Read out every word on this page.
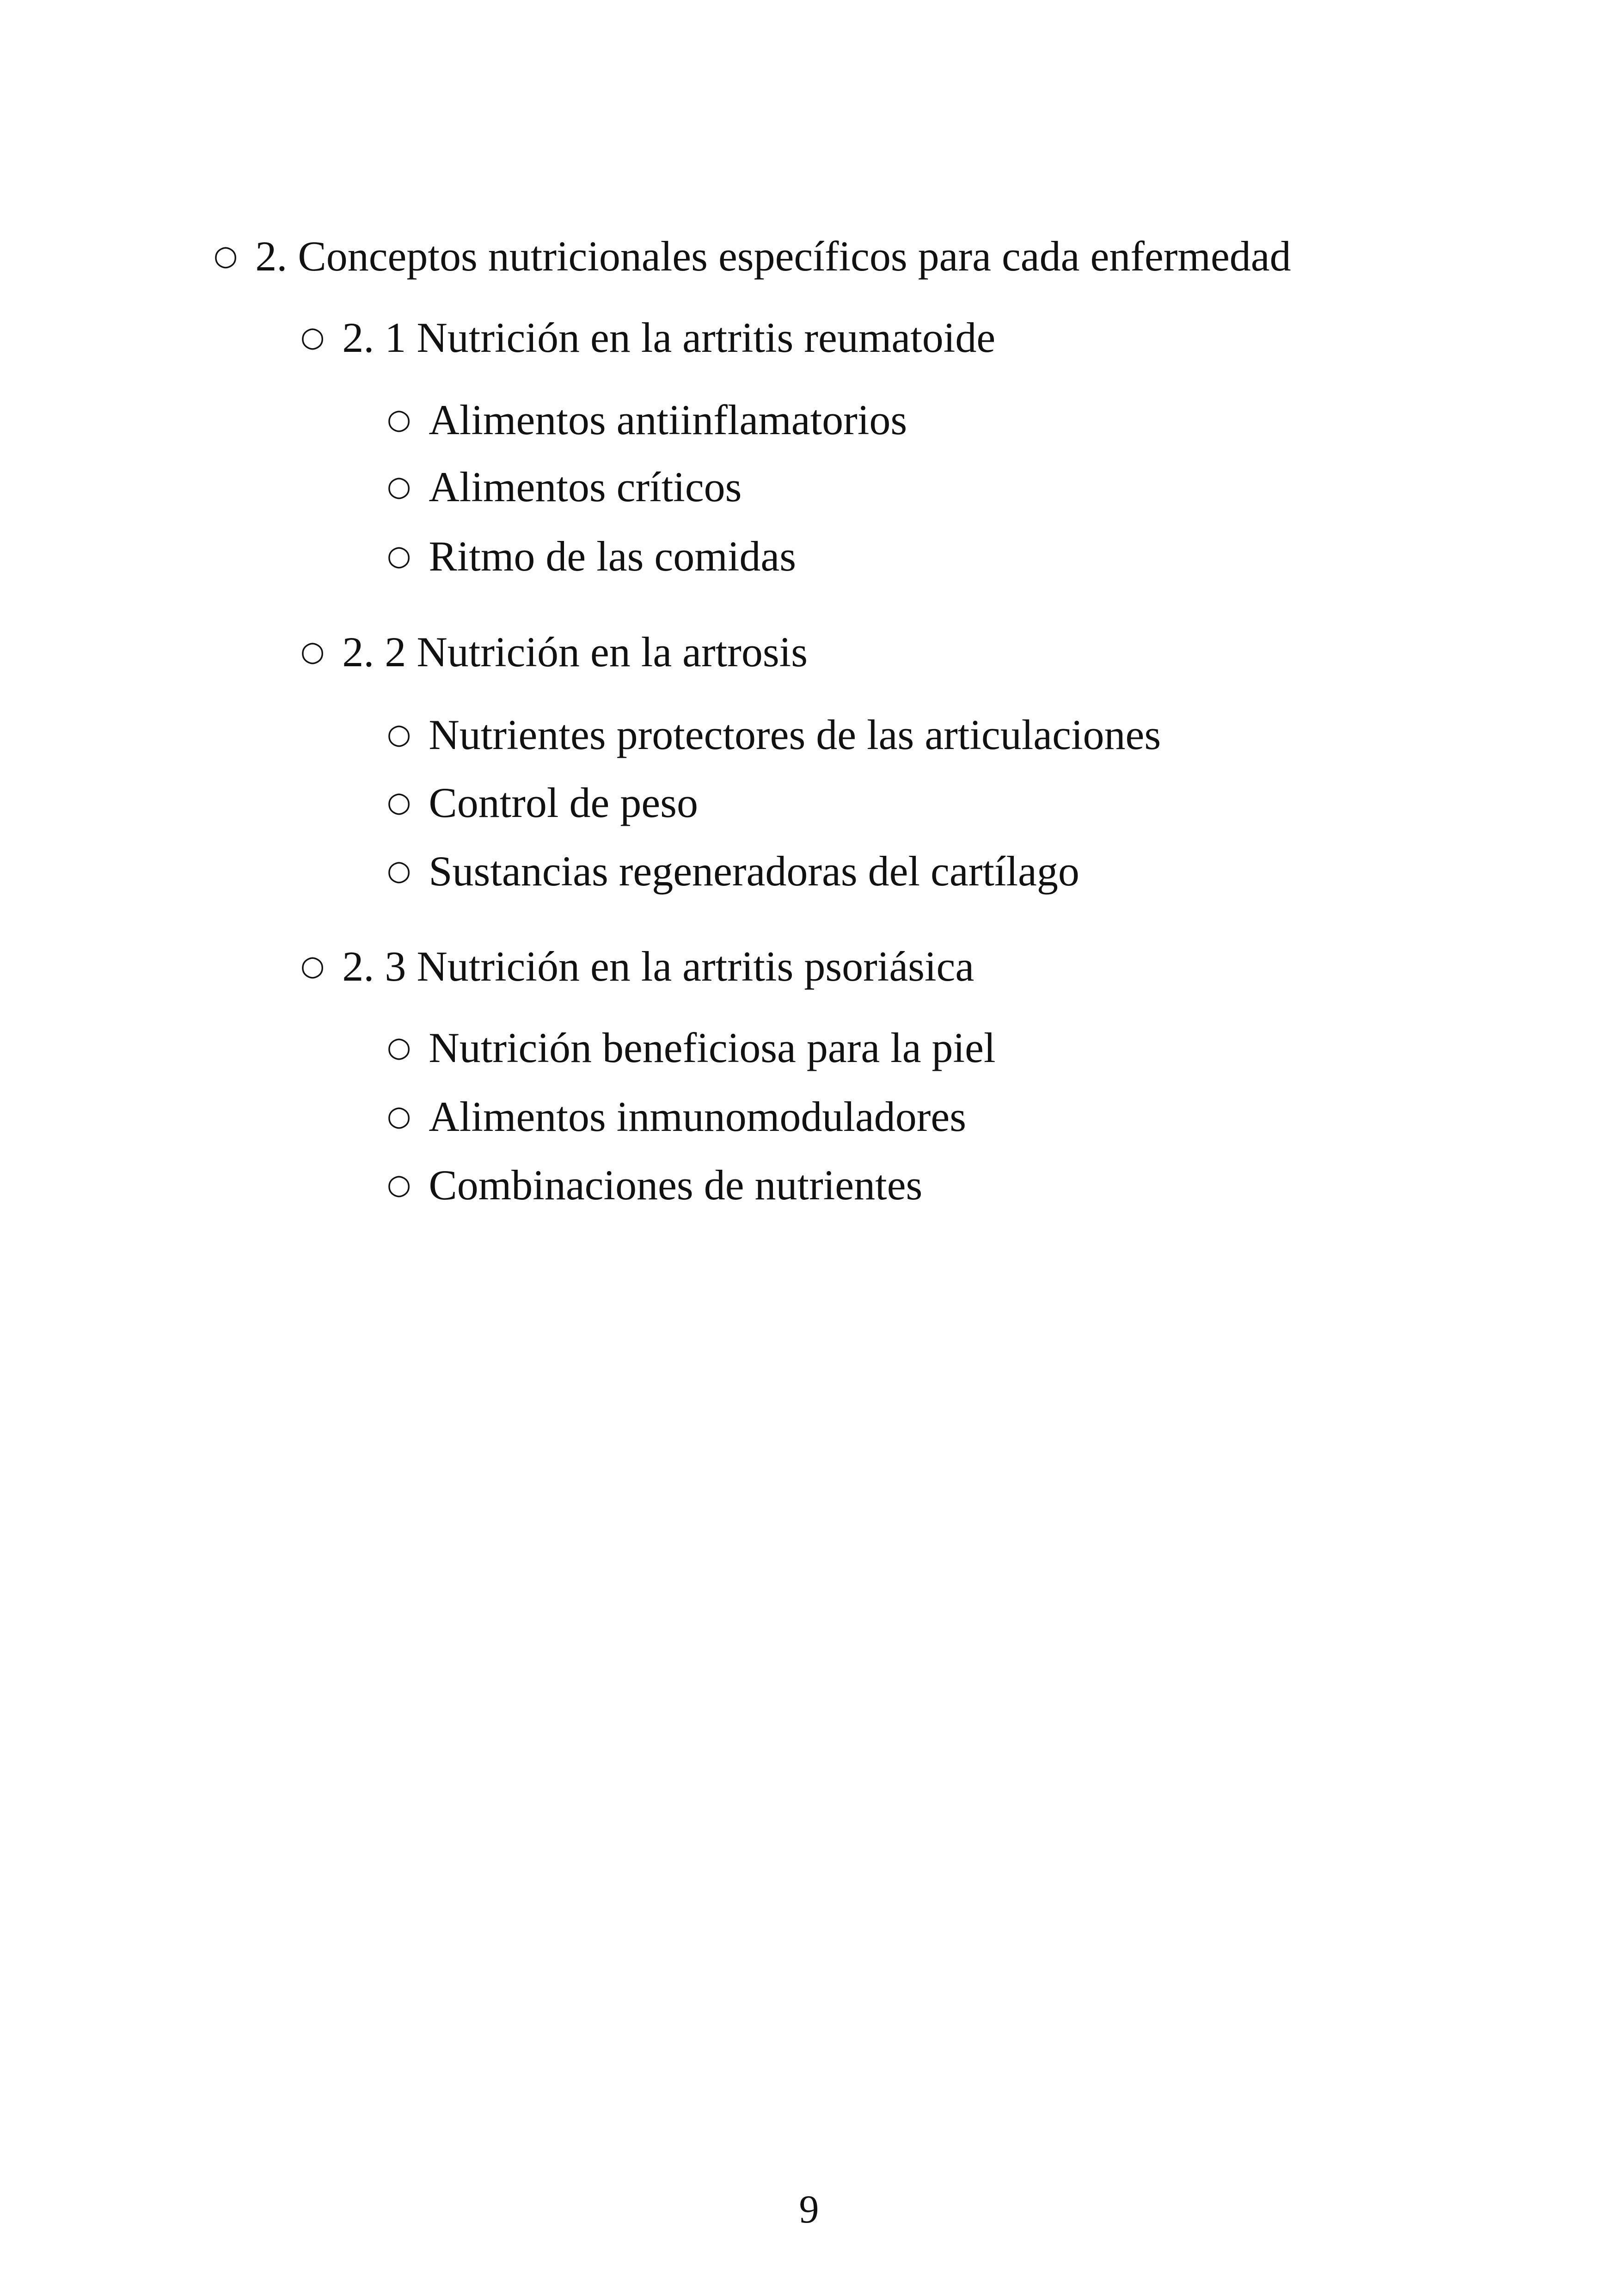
○ 2. Conceptos nutricionales específicos para cada enfermedad
○ 2. 1 Nutrición en la artritis reumatoide
○ Alimentos antiinflamatorios
○ Alimentos críticos
○ Ritmo de las comidas
○ 2. 2 Nutrición en la artrosis
○ Nutrientes protectores de las articulaciones
○ Control de peso
○ Sustancias regeneradoras del cartílago
○ 2. 3 Nutrición en la artritis psoriásica
○ Nutrición beneficiosa para la piel
○ Alimentos inmunomoduladores
○ Combinaciones de nutrientes
9
